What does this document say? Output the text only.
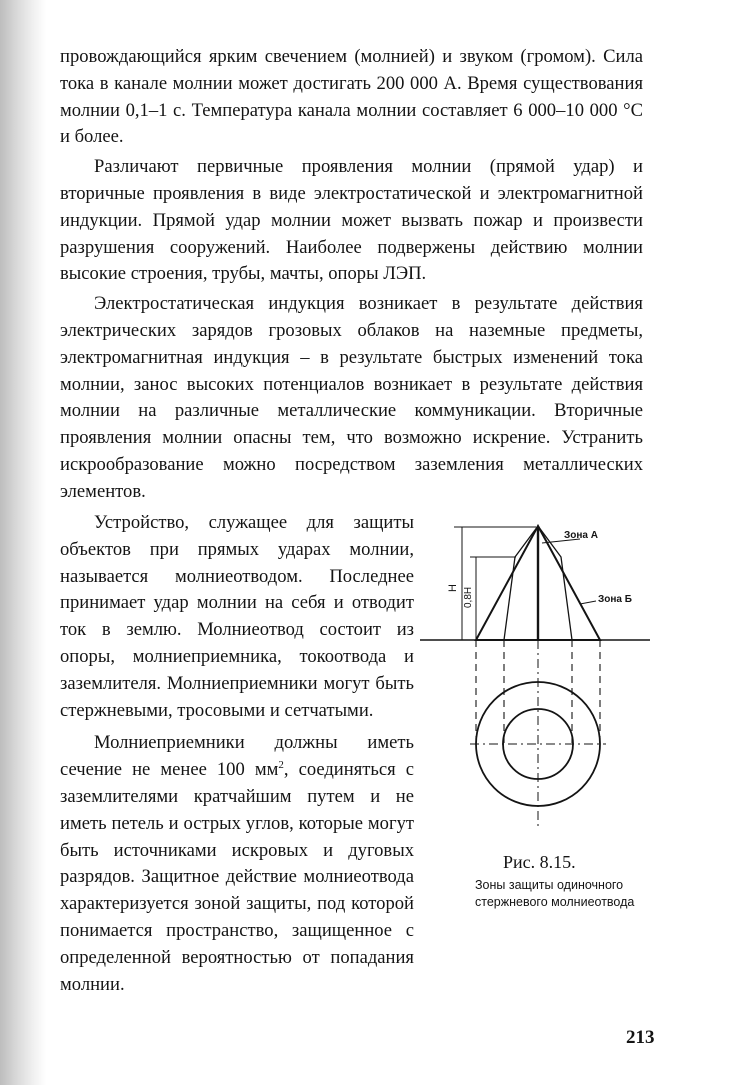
провождающийся ярким свечением (молнией) и звуком (громом). Сила тока в канале молнии может достигать 200 000 А. Время существования молнии 0,1–1 с. Температура канала молнии составляет 6 000–10 000 °С и более.

Различают первичные проявления молнии (прямой удар) и вторичные проявления в виде электростатической и электромагнитной индукции. Прямой удар молнии может вызвать пожар и произвести разрушения сооружений. Наиболее подвержены действию молнии высокие строения, трубы, мачты, опоры ЛЭП.

Электростатическая индукция возникает в результате действия электрических зарядов грозовых облаков на наземные предметы, электромагнитная индукция – в результате быстрых изменений тока молнии, занос высоких потенциалов возникает в результате действия молнии на различные металлические коммуникации. Вторичные проявления молнии опасны тем, что возможно искрение. Устранить искрообразование можно посредством заземления металлических элементов.

Устройство, служащее для защиты объектов при прямых ударах молнии, называется молниеотводом. Последнее принимает удар молнии на себя и отводит ток в землю. Молниеотвод состоит из опоры, молниеприемника, токоотвода и заземлителя. Молниеприемники могут быть стержневыми, тросовыми и сетчатыми.

Молниеприемники должны иметь сечение не менее 100 $мм^2$, соединяться с заземлителями кратчайшим путем и не иметь петель и острых углов, которые могут быть источниками искровых и дуговых разрядов. Защитное действие молниеотвода характеризуется зоной защиты, под которой понимается пространство, защищенное с определенной вероятностью от попадания молнии.

Зона А
Зона Б
H 0,8H

Рис. 8.15.

Зоны защиты одиночного стержневого молниеотвода

213
